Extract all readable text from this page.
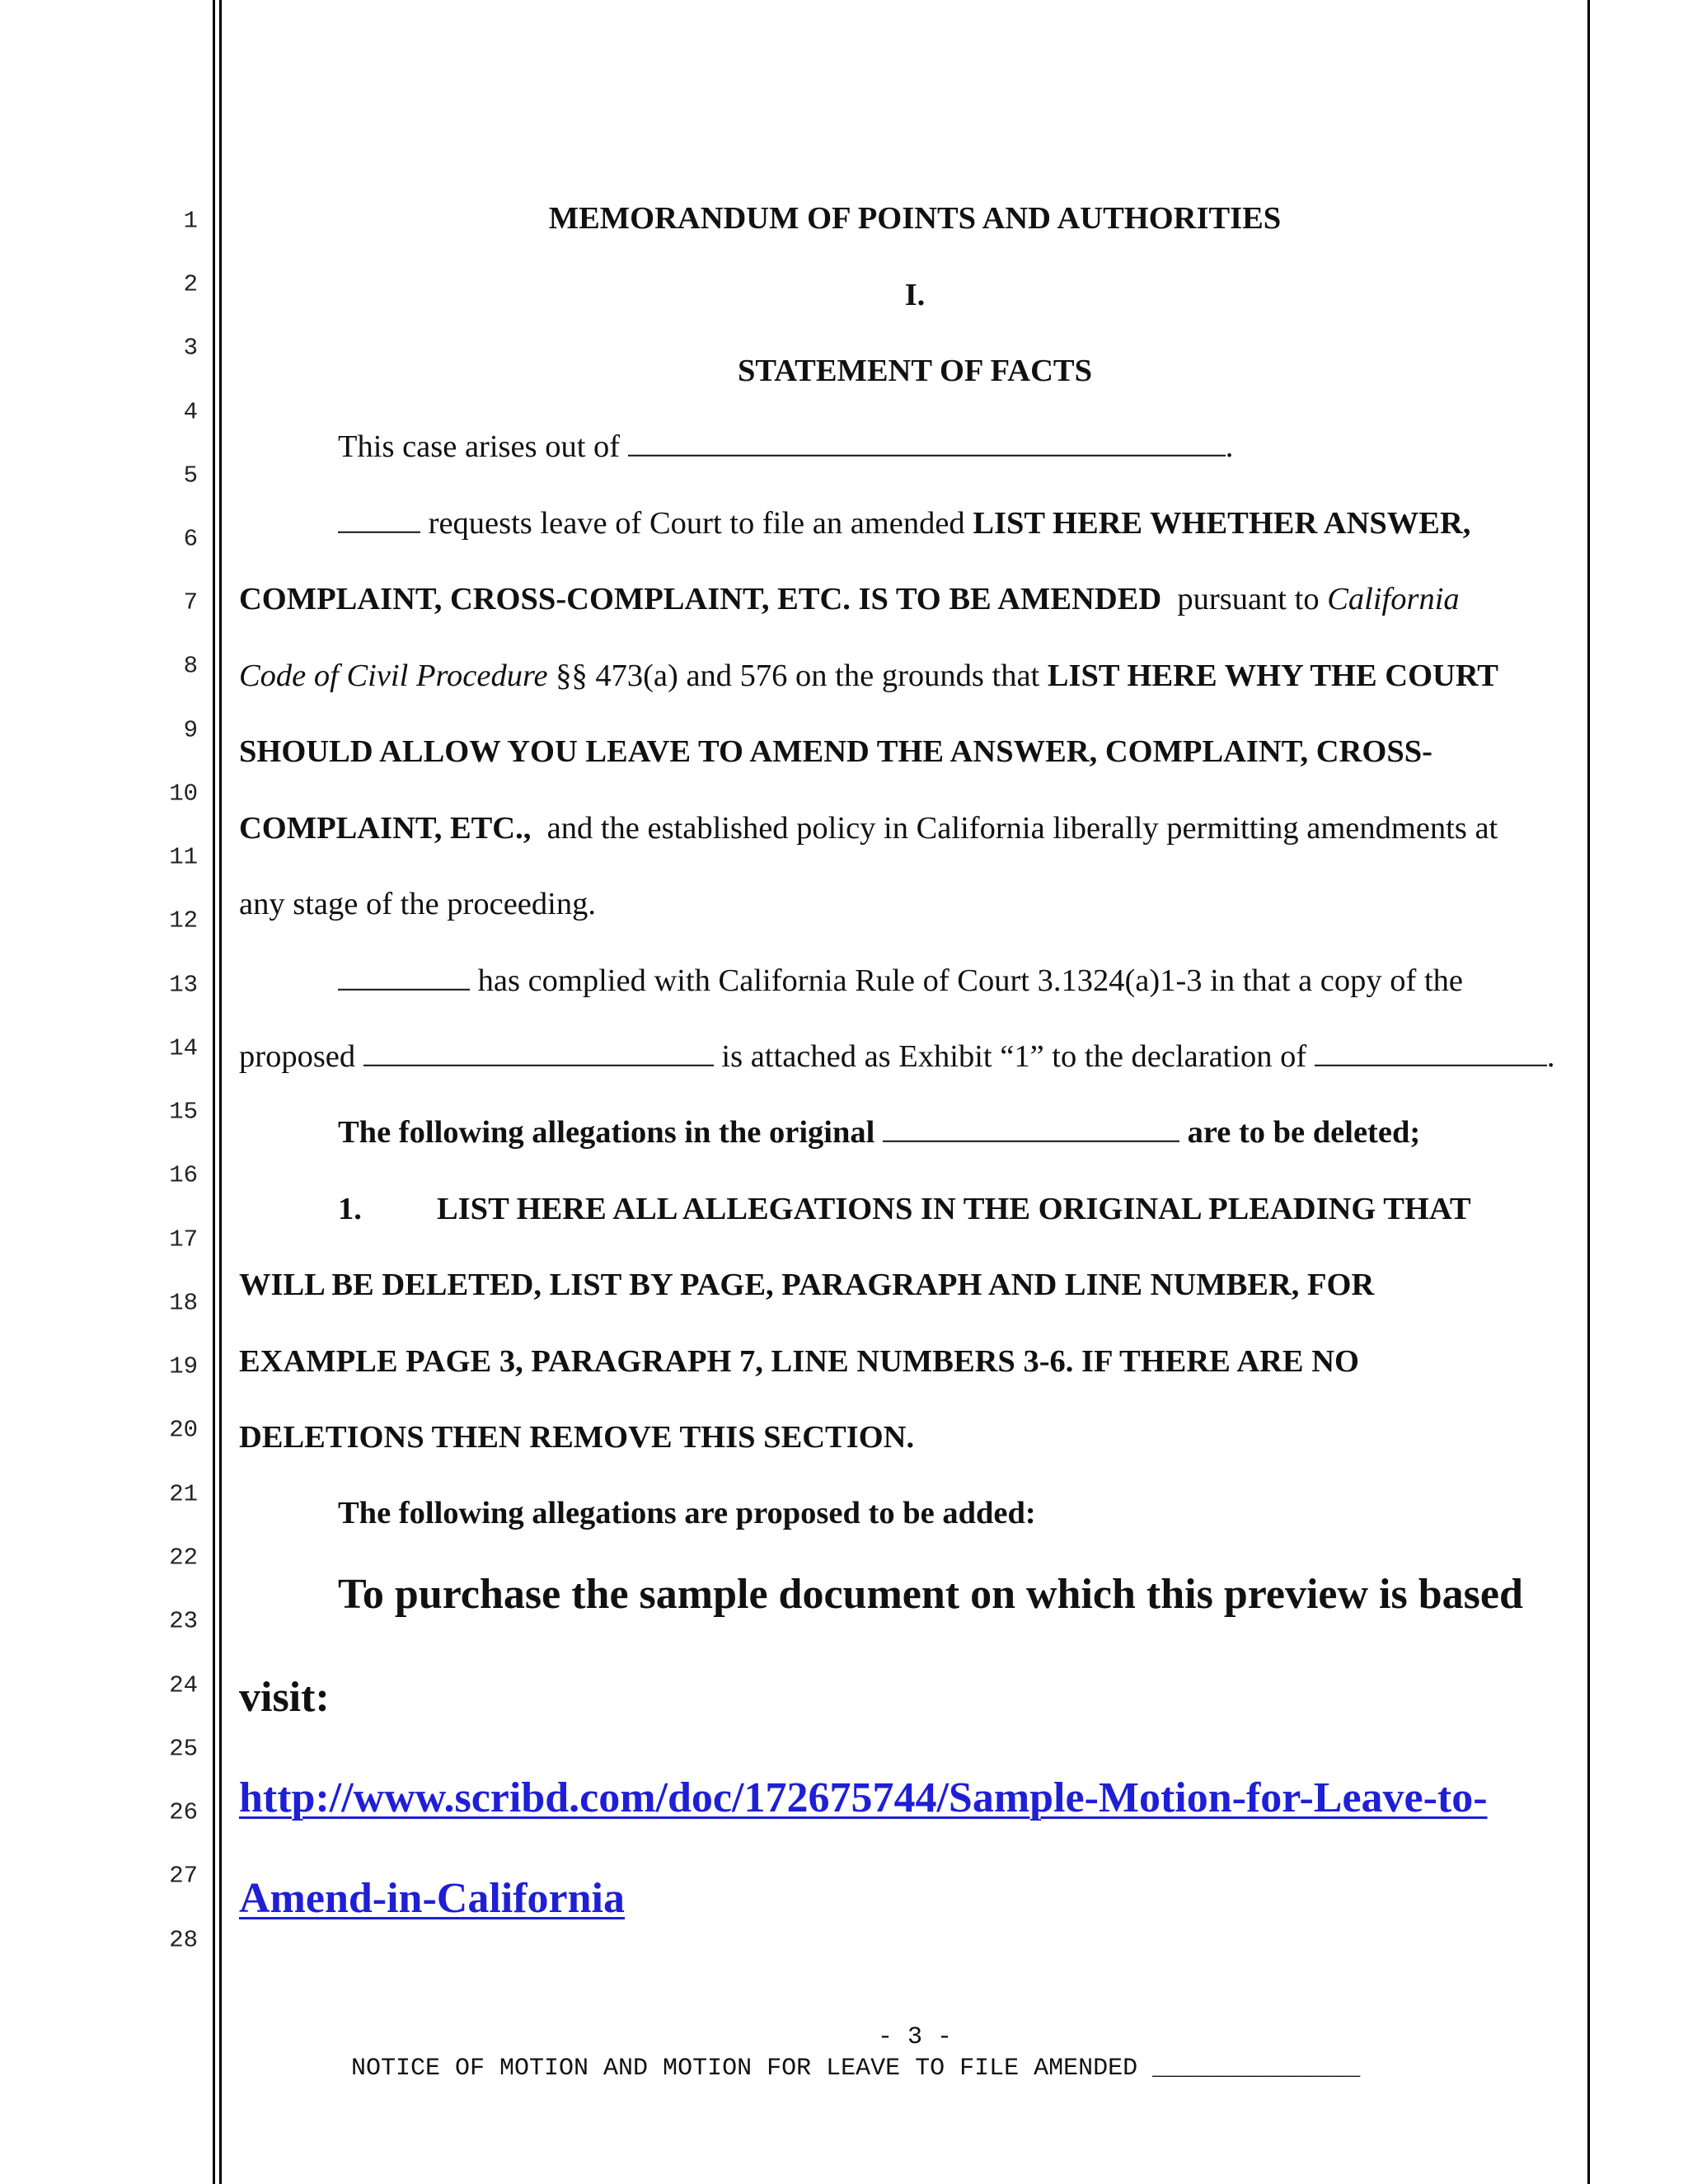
1
2
3
4
5
6
7
8
9
10
11
12
13
14
15
16
17
18
19
20
21
22
23
24
25
26
27
28
MEMORANDUM OF POINTS AND AUTHORITIES
I.
STATEMENT OF FACTS
This case arises out of	.
requests leave of Court to file an amended LIST HERE WHETHER ANSWER,
COMPLAINT, CROSS-COMPLAINT, ETC. IS TO BE AMENDED  pursuant to California
Code of Civil Procedure §§ 473(a) and 576 on the grounds that LIST HERE WHY THE COURT
SHOULD ALLOW YOU LEAVE TO AMEND THE ANSWER, COMPLAINT, CROSS-
COMPLAINT, ETC.,  and the established policy in California liberally permitting amendments at
any stage of the proceeding.
has complied with California Rule of Court 3.1324(a)1-3 in that a copy of the
proposed	is attached as Exhibit “1” to the declaration of	.
The following allegations in the original	are to be deleted;
1. LIST HERE ALL ALLEGATIONS IN THE ORIGINAL PLEADING THAT
WILL BE DELETED, LIST BY PAGE, PARAGRAPH AND LINE NUMBER, FOR
EXAMPLE PAGE 3, PARAGRAPH 7, LINE NUMBERS 3-6. IF THERE ARE NO
DELETIONS THEN REMOVE THIS SECTION.
The following allegations are proposed to be added:
To purchase the sample document on which this preview is based
visit:
http://www.scribd.com/doc/172675744/Sample-Motion-for-Leave-to-
Amend-in-California
- 3 -
NOTICE OF MOTION AND MOTION FOR LEAVE TO FILE AMENDED ______________
